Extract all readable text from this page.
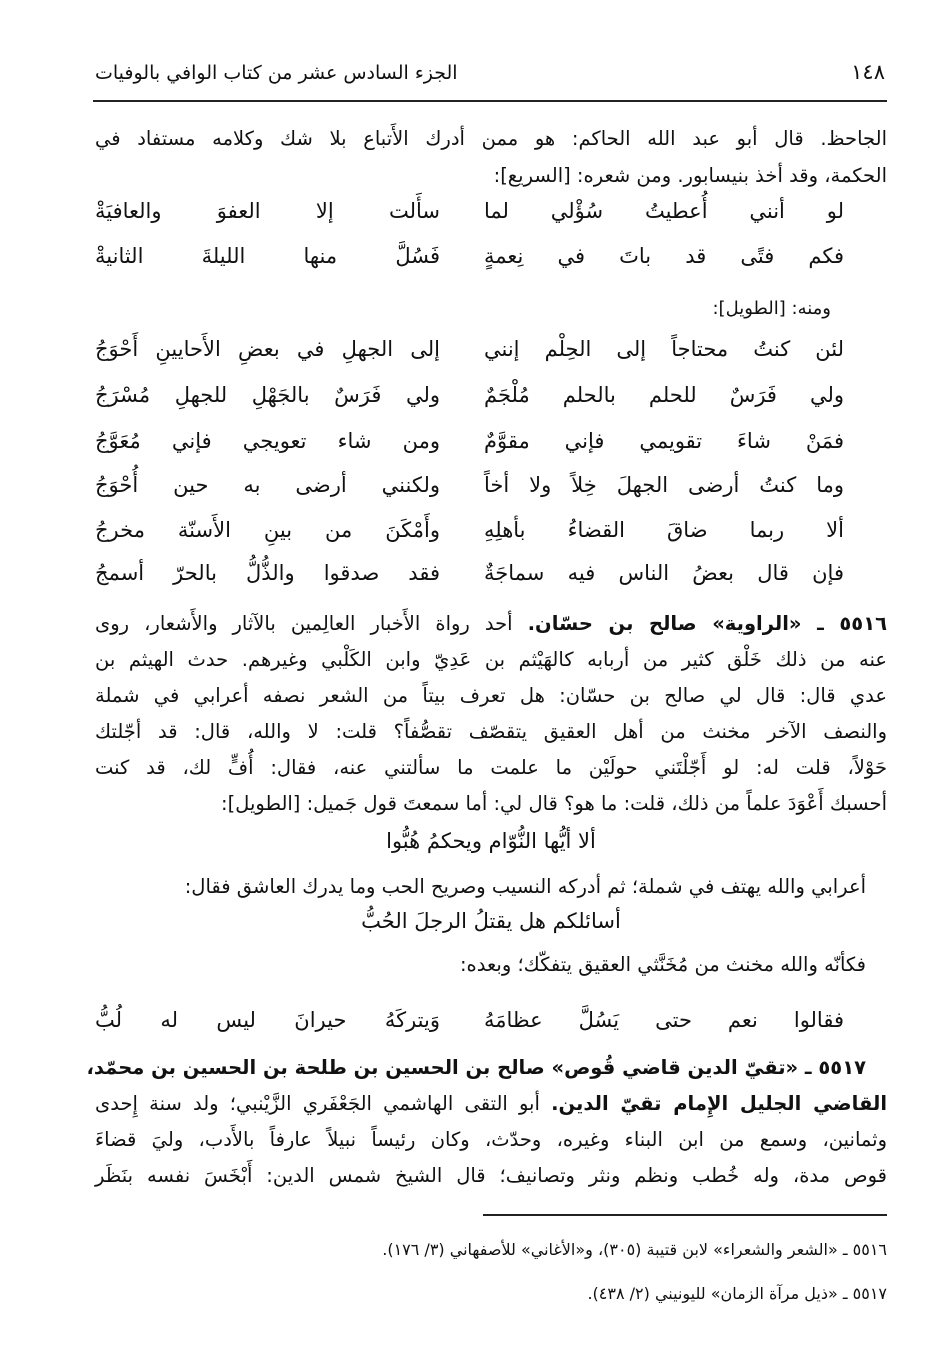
الجزء السادس عشر من كتاب الوافي بالوفيات	١٤٨
الجاحظ. قال أبو عبد الله الحاكم: هو ممن أدرك الأَتباع بلا شك وكلامه مستفاد في
الحكمة، وقد أخذ بنيسابور. ومن شعره: [السريع]:
لو أنني أُعطيتُ سُؤْلي لما
سأَلت إلا العفوَ والعافيَةْ
فكم فتًى قد باتَ في نِعمةٍ
فَسُلَّ منها الليلةَ الثانيةْ
ومنه: [الطويل]:
لئن كنتُ محتاجاً إلى الحِلْم إنني
إلى الجهلِ في بعضِ الأَحايينِ أَحْوَجُ
ولي فَرَسٌ للحلم بالحلم مُلْجَمٌ
ولي فَرَسٌ بالجَهْلِ للجهلِ مُسْرَجُ
فمَنْ شاءَ تقويمي فإني مقوَّمٌ
ومن شاء تعويجي فإني مُعَوَّجُ
وما كنتُ أرضى الجهلَ خِلاً ولا أخاً
ولكنني أرضى به حين أُحْوَجُ
ألا ربما ضاقَ القضاءُ بأهلِهِ
وأَمْكَنَ من بينِ الأَسنّة مخرجُ
فإن قال بعضُ الناس فيه سماجَةٌ
فقد صدقوا والذُّلُّ بالحرّ أسمجُ
٥٥١٦ ـ «الراوية» صالح بن حسّان. أحد رواة الأَخبار العالِمين بالآثار والأَشعار، روى
عنه من ذلك خَلْق كثير من أربابه كالهَيْثم بن عَدِيّ وابن الكَلْبي وغيرهم. حدث الهيثم بن
عدي قال: قال لي صالح بن حسّان: هل تعرف بيتاً من الشعر نصفه أعرابي في شملة
والنصف الآخر مخنث من أهل العقيق يتقصّف تقصُّفاً؟ قلت: لا والله، قال: قد أجّلتك
حَوْلاً، قلت له: لو أَجّلْتَني حولَيْن ما علمت ما سألتني عنه، فقال: أُفٍّ لك، قد كنت
أحسبك أَعْوَدَ علماً من ذلك، قلت: ما هو؟ قال لي: أما سمعتَ قول جَميل: [الطويل]:
ألا أيُّها النُّوّام ويحكمُ هُبُّوا
أعرابي والله يهتف في شملة؛ ثم أدركه النسيب وصريح الحب وما يدرك العاشق فقال:
أسائلكم هل يقتلُ الرجلَ الحُبُّ
فكأنّه والله مخنث من مُخَنَّثي العقيق يتفكّك؛ وبعده:
فقالوا نعم حتى يَسُلَّ عظامَهُ
وَيتركَهُ حيرانَ ليس له لُبُّ
٥٥١٧ ـ «تقيّ الدين قاضي قُوص» صالح بن الحسين بن طلحة بن الحسين بن محمّد،
القاضي الجليل الإِمام تقيّ الدين. أبو التقى الهاشمي الجَعْفَري الزَّيْنبي؛ ولد سنة إِحدى
وثمانين، وسمع من ابن البناء وغيره، وحدّث، وكان رئيساً نبيلاً عارفاً بالأَدب، وليَ قضاءَ
قوص مدة، وله خُطب ونظم ونثر وتصانيف؛ قال الشيخ شمس الدين: أَبْخَسَ نفسه بنَظَر
٥٥١٦ ـ «الشعر والشعراء» لابن قتيبة (٣٠٥)، و«الأغاني» للأصفهاني (٣/ ١٧٦).
٥٥١٧ ـ «ذيل مرآة الزمان» لليونيني (٢/ ٤٣٨).
